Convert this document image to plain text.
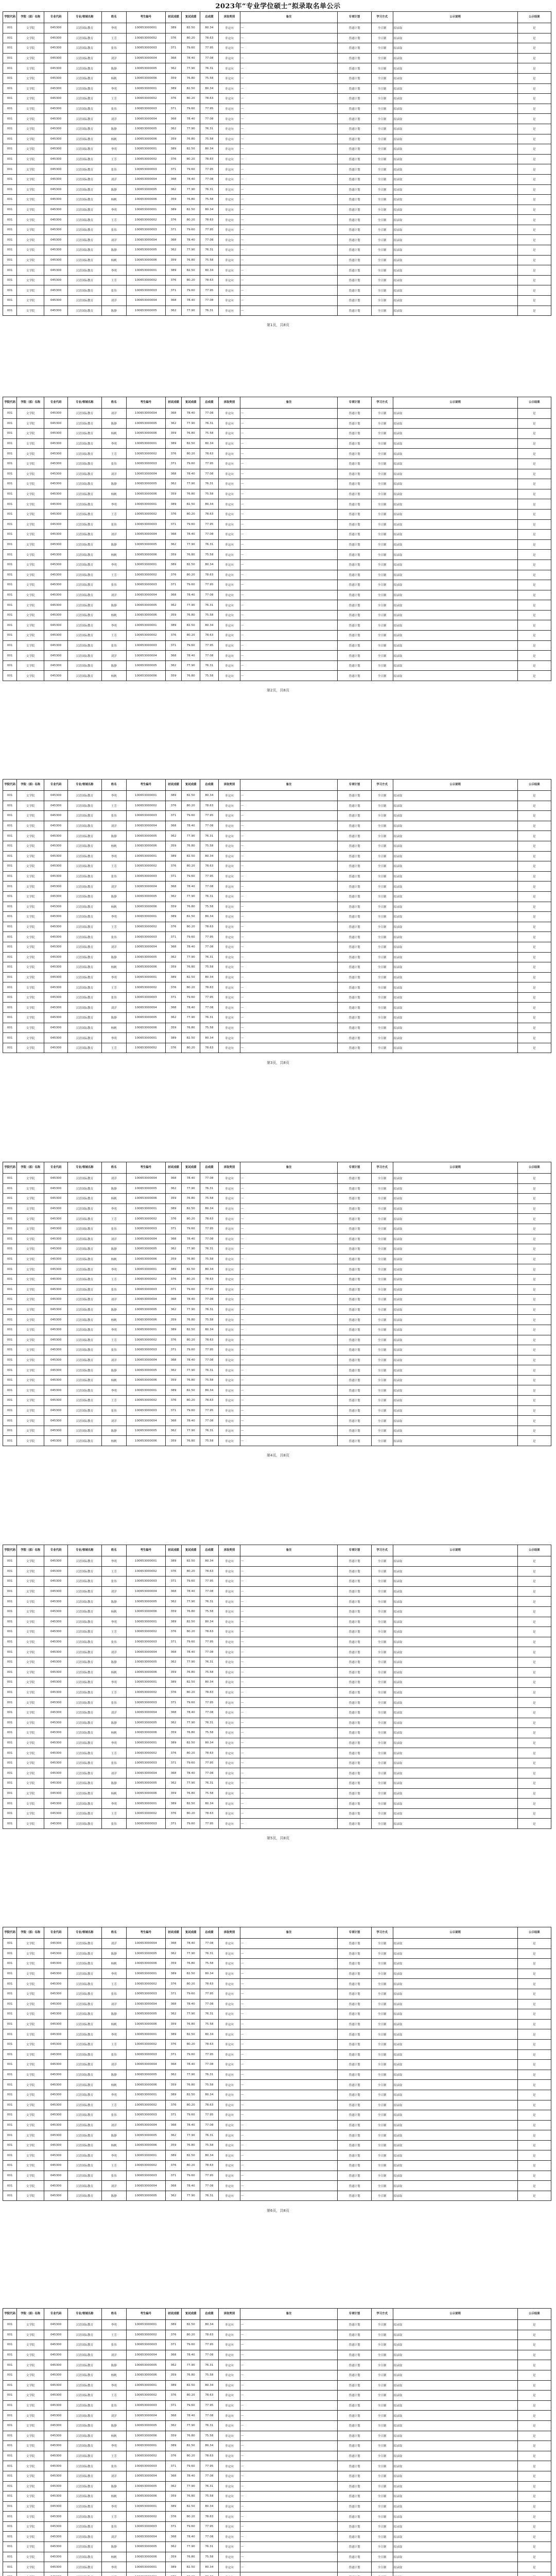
2023年“专业学位硕士”拟录取名单公示
学院代码	学院（部）名称	专业代码	专业/领域名称	姓名	考生编号	初试成绩	复试成绩	总成绩	录取类别	备注	专项计划	学习方式	公示说明	公示结果
001	文学院	045300	汉语国际教育	李明	100653000001	389	82.50	80.34	非定向	—	普通计划	全日制	拟录取	是
001	文学院	045300	汉语国际教育	王芳	100653000002	376	80.20	78.63	非定向	—	普通计划	全日制	拟录取	是
001	文学院	045300	汉语国际教育	张伟	100653000003	371	79.60	77.95	非定向	—	普通计划	全日制	拟录取	是
001	文学院	045300	汉语国际教育	刘洋	100653000004	368	78.40	77.08	非定向	—	普通计划	全日制	拟录取	是
001	文学院	045300	汉语国际教育	陈静	100653000005	362	77.90	76.31	非定向	—	普通计划	全日制	拟录取	是
001	文学院	045300	汉语国际教育	杨帆	100653000006	359	76.80	75.58	非定向	—	普通计划	全日制	拟录取	是
001	文学院	045300	汉语国际教育	李明	100653000001	389	82.50	80.34	非定向	—	普通计划	全日制	拟录取	是
001	文学院	045300	汉语国际教育	王芳	100653000002	376	80.20	78.63	非定向	—	普通计划	全日制	拟录取	是
001	文学院	045300	汉语国际教育	张伟	100653000003	371	79.60	77.95	非定向	—	普通计划	全日制	拟录取	是
001	文学院	045300	汉语国际教育	刘洋	100653000004	368	78.40	77.08	非定向	—	普通计划	全日制	拟录取	是
001	文学院	045300	汉语国际教育	陈静	100653000005	362	77.90	76.31	非定向	—	普通计划	全日制	拟录取	是
001	文学院	045300	汉语国际教育	杨帆	100653000006	359	76.80	75.58	非定向	—	普通计划	全日制	拟录取	是
001	文学院	045300	汉语国际教育	李明	100653000001	389	82.50	80.34	非定向	—	普通计划	全日制	拟录取	是
001	文学院	045300	汉语国际教育	王芳	100653000002	376	80.20	78.63	非定向	—	普通计划	全日制	拟录取	是
001	文学院	045300	汉语国际教育	张伟	100653000003	371	79.60	77.95	非定向	—	普通计划	全日制	拟录取	是
001	文学院	045300	汉语国际教育	刘洋	100653000004	368	78.40	77.08	非定向	—	普通计划	全日制	拟录取	是
001	文学院	045300	汉语国际教育	陈静	100653000005	362	77.90	76.31	非定向	—	普通计划	全日制	拟录取	是
001	文学院	045300	汉语国际教育	杨帆	100653000006	359	76.80	75.58	非定向	—	普通计划	全日制	拟录取	是
001	文学院	045300	汉语国际教育	李明	100653000001	389	82.50	80.34	非定向	—	普通计划	全日制	拟录取	是
001	文学院	045300	汉语国际教育	王芳	100653000002	376	80.20	78.63	非定向	—	普通计划	全日制	拟录取	是
001	文学院	045300	汉语国际教育	张伟	100653000003	371	79.60	77.95	非定向	—	普通计划	全日制	拟录取	是
001	文学院	045300	汉语国际教育	刘洋	100653000004	368	78.40	77.08	非定向	—	普通计划	全日制	拟录取	是
001	文学院	045300	汉语国际教育	陈静	100653000005	362	77.90	76.31	非定向	—	普通计划	全日制	拟录取	是
001	文学院	045300	汉语国际教育	杨帆	100653000006	359	76.80	75.58	非定向	—	普通计划	全日制	拟录取	是
001	文学院	045300	汉语国际教育	李明	100653000001	389	82.50	80.34	非定向	—	普通计划	全日制	拟录取	是
001	文学院	045300	汉语国际教育	王芳	100653000002	376	80.20	78.63	非定向	—	普通计划	全日制	拟录取	是
001	文学院	045300	汉语国际教育	张伟	100653000003	371	79.60	77.95	非定向	—	普通计划	全日制	拟录取	是
001	文学院	045300	汉语国际教育	刘洋	100653000004	368	78.40	77.08	非定向	—	普通计划	全日制	拟录取	是
001	文学院	045300	汉语国际教育	陈静	100653000005	362	77.90	76.31	非定向	—	普通计划	全日制	拟录取	是
第1页，共8页
学院代码	学院（部）名称	专业代码	专业/领域名称	姓名	考生编号	初试成绩	复试成绩	总成绩	录取类别	备注	专项计划	学习方式	公示说明	公示结果
001	文学院	045300	汉语国际教育	刘洋	100653000004	368	78.40	77.08	非定向	—	普通计划	全日制	拟录取	是
001	文学院	045300	汉语国际教育	陈静	100653000005	362	77.90	76.31	非定向	—	普通计划	全日制	拟录取	是
001	文学院	045300	汉语国际教育	杨帆	100653000006	359	76.80	75.58	非定向	—	普通计划	全日制	拟录取	是
001	文学院	045300	汉语国际教育	李明	100653000001	389	82.50	80.34	非定向	—	普通计划	全日制	拟录取	是
001	文学院	045300	汉语国际教育	王芳	100653000002	376	80.20	78.63	非定向	—	普通计划	全日制	拟录取	是
001	文学院	045300	汉语国际教育	张伟	100653000003	371	79.60	77.95	非定向	—	普通计划	全日制	拟录取	是
001	文学院	045300	汉语国际教育	刘洋	100653000004	368	78.40	77.08	非定向	—	普通计划	全日制	拟录取	是
001	文学院	045300	汉语国际教育	陈静	100653000005	362	77.90	76.31	非定向	—	普通计划	全日制	拟录取	是
001	文学院	045300	汉语国际教育	杨帆	100653000006	359	76.80	75.58	非定向	—	普通计划	全日制	拟录取	是
001	文学院	045300	汉语国际教育	李明	100653000001	389	82.50	80.34	非定向	—	普通计划	全日制	拟录取	是
001	文学院	045300	汉语国际教育	王芳	100653000002	376	80.20	78.63	非定向	—	普通计划	全日制	拟录取	是
001	文学院	045300	汉语国际教育	张伟	100653000003	371	79.60	77.95	非定向	—	普通计划	全日制	拟录取	是
001	文学院	045300	汉语国际教育	刘洋	100653000004	368	78.40	77.08	非定向	—	普通计划	全日制	拟录取	是
001	文学院	045300	汉语国际教育	陈静	100653000005	362	77.90	76.31	非定向	—	普通计划	全日制	拟录取	是
001	文学院	045300	汉语国际教育	杨帆	100653000006	359	76.80	75.58	非定向	—	普通计划	全日制	拟录取	是
001	文学院	045300	汉语国际教育	李明	100653000001	389	82.50	80.34	非定向	—	普通计划	全日制	拟录取	是
001	文学院	045300	汉语国际教育	王芳	100653000002	376	80.20	78.63	非定向	—	普通计划	全日制	拟录取	是
001	文学院	045300	汉语国际教育	张伟	100653000003	371	79.60	77.95	非定向	—	普通计划	全日制	拟录取	是
001	文学院	045300	汉语国际教育	刘洋	100653000004	368	78.40	77.08	非定向	—	普通计划	全日制	拟录取	是
001	文学院	045300	汉语国际教育	陈静	100653000005	362	77.90	76.31	非定向	—	普通计划	全日制	拟录取	是
001	文学院	045300	汉语国际教育	杨帆	100653000006	359	76.80	75.58	非定向	—	普通计划	全日制	拟录取	是
001	文学院	045300	汉语国际教育	李明	100653000001	389	82.50	80.34	非定向	—	普通计划	全日制	拟录取	是
001	文学院	045300	汉语国际教育	王芳	100653000002	376	80.20	78.63	非定向	—	普通计划	全日制	拟录取	是
001	文学院	045300	汉语国际教育	张伟	100653000003	371	79.60	77.95	非定向	—	普通计划	全日制	拟录取	是
001	文学院	045300	汉语国际教育	刘洋	100653000004	368	78.40	77.08	非定向	—	普通计划	全日制	拟录取	是
001	文学院	045300	汉语国际教育	陈静	100653000005	362	77.90	76.31	非定向	—	普通计划	全日制	拟录取	是
001	文学院	045300	汉语国际教育	杨帆	100653000006	359	76.80	75.58	非定向	—	普通计划	全日制	拟录取	是
第2页，共8页
学院代码	学院（部）名称	专业代码	专业/领域名称	姓名	考生编号	初试成绩	复试成绩	总成绩	录取类别	备注	专项计划	学习方式	公示说明	公示结果
001	文学院	045300	汉语国际教育	李明	100653000001	389	82.50	80.34	非定向	—	普通计划	全日制	拟录取	是
001	文学院	045300	汉语国际教育	王芳	100653000002	376	80.20	78.63	非定向	—	普通计划	全日制	拟录取	是
001	文学院	045300	汉语国际教育	张伟	100653000003	371	79.60	77.95	非定向	—	普通计划	全日制	拟录取	是
001	文学院	045300	汉语国际教育	刘洋	100653000004	368	78.40	77.08	非定向	—	普通计划	全日制	拟录取	是
001	文学院	045300	汉语国际教育	陈静	100653000005	362	77.90	76.31	非定向	—	普通计划	全日制	拟录取	是
001	文学院	045300	汉语国际教育	杨帆	100653000006	359	76.80	75.58	非定向	—	普通计划	全日制	拟录取	是
001	文学院	045300	汉语国际教育	李明	100653000001	389	82.50	80.34	非定向	—	普通计划	全日制	拟录取	是
001	文学院	045300	汉语国际教育	王芳	100653000002	376	80.20	78.63	非定向	—	普通计划	全日制	拟录取	是
001	文学院	045300	汉语国际教育	张伟	100653000003	371	79.60	77.95	非定向	—	普通计划	全日制	拟录取	是
001	文学院	045300	汉语国际教育	刘洋	100653000004	368	78.40	77.08	非定向	—	普通计划	全日制	拟录取	是
001	文学院	045300	汉语国际教育	陈静	100653000005	362	77.90	76.31	非定向	—	普通计划	全日制	拟录取	是
001	文学院	045300	汉语国际教育	杨帆	100653000006	359	76.80	75.58	非定向	—	普通计划	全日制	拟录取	是
001	文学院	045300	汉语国际教育	李明	100653000001	389	82.50	80.34	非定向	—	普通计划	全日制	拟录取	是
001	文学院	045300	汉语国际教育	王芳	100653000002	376	80.20	78.63	非定向	—	普通计划	全日制	拟录取	是
001	文学院	045300	汉语国际教育	张伟	100653000003	371	79.60	77.95	非定向	—	普通计划	全日制	拟录取	是
001	文学院	045300	汉语国际教育	刘洋	100653000004	368	78.40	77.08	非定向	—	普通计划	全日制	拟录取	是
001	文学院	045300	汉语国际教育	陈静	100653000005	362	77.90	76.31	非定向	—	普通计划	全日制	拟录取	是
001	文学院	045300	汉语国际教育	杨帆	100653000006	359	76.80	75.58	非定向	—	普通计划	全日制	拟录取	是
001	文学院	045300	汉语国际教育	李明	100653000001	389	82.50	80.34	非定向	—	普通计划	全日制	拟录取	是
001	文学院	045300	汉语国际教育	王芳	100653000002	376	80.20	78.63	非定向	—	普通计划	全日制	拟录取	是
001	文学院	045300	汉语国际教育	张伟	100653000003	371	79.60	77.95	非定向	—	普通计划	全日制	拟录取	是
001	文学院	045300	汉语国际教育	刘洋	100653000004	368	78.40	77.08	非定向	—	普通计划	全日制	拟录取	是
001	文学院	045300	汉语国际教育	陈静	100653000005	362	77.90	76.31	非定向	—	普通计划	全日制	拟录取	是
001	文学院	045300	汉语国际教育	杨帆	100653000006	359	76.80	75.58	非定向	—	普通计划	全日制	拟录取	是
001	文学院	045300	汉语国际教育	李明	100653000001	389	82.50	80.34	非定向	—	普通计划	全日制	拟录取	是
001	文学院	045300	汉语国际教育	王芳	100653000002	376	80.20	78.63	非定向	—	普通计划	全日制	拟录取	是
第3页，共8页
学院代码	学院（部）名称	专业代码	专业/领域名称	姓名	考生编号	初试成绩	复试成绩	总成绩	录取类别	备注	专项计划	学习方式	公示说明	公示结果
001	文学院	045300	汉语国际教育	刘洋	100653000004	368	78.40	77.08	非定向	—	普通计划	全日制	拟录取	是
001	文学院	045300	汉语国际教育	陈静	100653000005	362	77.90	76.31	非定向	—	普通计划	全日制	拟录取	是
001	文学院	045300	汉语国际教育	杨帆	100653000006	359	76.80	75.58	非定向	—	普通计划	全日制	拟录取	是
001	文学院	045300	汉语国际教育	李明	100653000001	389	82.50	80.34	非定向	—	普通计划	全日制	拟录取	是
001	文学院	045300	汉语国际教育	王芳	100653000002	376	80.20	78.63	非定向	—	普通计划	全日制	拟录取	是
001	文学院	045300	汉语国际教育	张伟	100653000003	371	79.60	77.95	非定向	—	普通计划	全日制	拟录取	是
001	文学院	045300	汉语国际教育	刘洋	100653000004	368	78.40	77.08	非定向	—	普通计划	全日制	拟录取	是
001	文学院	045300	汉语国际教育	陈静	100653000005	362	77.90	76.31	非定向	—	普通计划	全日制	拟录取	是
001	文学院	045300	汉语国际教育	杨帆	100653000006	359	76.80	75.58	非定向	—	普通计划	全日制	拟录取	是
001	文学院	045300	汉语国际教育	李明	100653000001	389	82.50	80.34	非定向	—	普通计划	全日制	拟录取	是
001	文学院	045300	汉语国际教育	王芳	100653000002	376	80.20	78.63	非定向	—	普通计划	全日制	拟录取	是
001	文学院	045300	汉语国际教育	张伟	100653000003	371	79.60	77.95	非定向	—	普通计划	全日制	拟录取	是
001	文学院	045300	汉语国际教育	刘洋	100653000004	368	78.40	77.08	非定向	—	普通计划	全日制	拟录取	是
001	文学院	045300	汉语国际教育	陈静	100653000005	362	77.90	76.31	非定向	—	普通计划	全日制	拟录取	是
001	文学院	045300	汉语国际教育	杨帆	100653000006	359	76.80	75.58	非定向	—	普通计划	全日制	拟录取	是
001	文学院	045300	汉语国际教育	李明	100653000001	389	82.50	80.34	非定向	—	普通计划	全日制	拟录取	是
001	文学院	045300	汉语国际教育	王芳	100653000002	376	80.20	78.63	非定向	—	普通计划	全日制	拟录取	是
001	文学院	045300	汉语国际教育	张伟	100653000003	371	79.60	77.95	非定向	—	普通计划	全日制	拟录取	是
001	文学院	045300	汉语国际教育	刘洋	100653000004	368	78.40	77.08	非定向	—	普通计划	全日制	拟录取	是
001	文学院	045300	汉语国际教育	陈静	100653000005	362	77.90	76.31	非定向	—	普通计划	全日制	拟录取	是
001	文学院	045300	汉语国际教育	杨帆	100653000006	359	76.80	75.58	非定向	—	普通计划	全日制	拟录取	是
001	文学院	045300	汉语国际教育	李明	100653000001	389	82.50	80.34	非定向	—	普通计划	全日制	拟录取	是
001	文学院	045300	汉语国际教育	王芳	100653000002	376	80.20	78.63	非定向	—	普通计划	全日制	拟录取	是
001	文学院	045300	汉语国际教育	张伟	100653000003	371	79.60	77.95	非定向	—	普通计划	全日制	拟录取	是
001	文学院	045300	汉语国际教育	刘洋	100653000004	368	78.40	77.08	非定向	—	普通计划	全日制	拟录取	是
001	文学院	045300	汉语国际教育	陈静	100653000005	362	77.90	76.31	非定向	—	普通计划	全日制	拟录取	是
001	文学院	045300	汉语国际教育	杨帆	100653000006	359	76.80	75.58	非定向	—	普通计划	全日制	拟录取	是
第4页，共8页
学院代码	学院（部）名称	专业代码	专业/领域名称	姓名	考生编号	初试成绩	复试成绩	总成绩	录取类别	备注	专项计划	学习方式	公示说明	公示结果
001	文学院	045300	汉语国际教育	李明	100653000001	389	82.50	80.34	非定向	—	普通计划	全日制	拟录取	是
001	文学院	045300	汉语国际教育	王芳	100653000002	376	80.20	78.63	非定向	—	普通计划	全日制	拟录取	是
001	文学院	045300	汉语国际教育	张伟	100653000003	371	79.60	77.95	非定向	—	普通计划	全日制	拟录取	是
001	文学院	045300	汉语国际教育	刘洋	100653000004	368	78.40	77.08	非定向	—	普通计划	全日制	拟录取	是
001	文学院	045300	汉语国际教育	陈静	100653000005	362	77.90	76.31	非定向	—	普通计划	全日制	拟录取	是
001	文学院	045300	汉语国际教育	杨帆	100653000006	359	76.80	75.58	非定向	—	普通计划	全日制	拟录取	是
001	文学院	045300	汉语国际教育	李明	100653000001	389	82.50	80.34	非定向	—	普通计划	全日制	拟录取	是
001	文学院	045300	汉语国际教育	王芳	100653000002	376	80.20	78.63	非定向	—	普通计划	全日制	拟录取	是
001	文学院	045300	汉语国际教育	张伟	100653000003	371	79.60	77.95	非定向	—	普通计划	全日制	拟录取	是
001	文学院	045300	汉语国际教育	刘洋	100653000004	368	78.40	77.08	非定向	—	普通计划	全日制	拟录取	是
001	文学院	045300	汉语国际教育	陈静	100653000005	362	77.90	76.31	非定向	—	普通计划	全日制	拟录取	是
001	文学院	045300	汉语国际教育	杨帆	100653000006	359	76.80	75.58	非定向	—	普通计划	全日制	拟录取	是
001	文学院	045300	汉语国际教育	李明	100653000001	389	82.50	80.34	非定向	—	普通计划	全日制	拟录取	是
001	文学院	045300	汉语国际教育	王芳	100653000002	376	80.20	78.63	非定向	—	普通计划	全日制	拟录取	是
001	文学院	045300	汉语国际教育	张伟	100653000003	371	79.60	77.95	非定向	—	普通计划	全日制	拟录取	是
001	文学院	045300	汉语国际教育	刘洋	100653000004	368	78.40	77.08	非定向	—	普通计划	全日制	拟录取	是
001	文学院	045300	汉语国际教育	陈静	100653000005	362	77.90	76.31	非定向	—	普通计划	全日制	拟录取	是
001	文学院	045300	汉语国际教育	杨帆	100653000006	359	76.80	75.58	非定向	—	普通计划	全日制	拟录取	是
001	文学院	045300	汉语国际教育	李明	100653000001	389	82.50	80.34	非定向	—	普通计划	全日制	拟录取	是
001	文学院	045300	汉语国际教育	王芳	100653000002	376	80.20	78.63	非定向	—	普通计划	全日制	拟录取	是
001	文学院	045300	汉语国际教育	张伟	100653000003	371	79.60	77.95	非定向	—	普通计划	全日制	拟录取	是
001	文学院	045300	汉语国际教育	刘洋	100653000004	368	78.40	77.08	非定向	—	普通计划	全日制	拟录取	是
001	文学院	045300	汉语国际教育	陈静	100653000005	362	77.90	76.31	非定向	—	普通计划	全日制	拟录取	是
001	文学院	045300	汉语国际教育	杨帆	100653000006	359	76.80	75.58	非定向	—	普通计划	全日制	拟录取	是
001	文学院	045300	汉语国际教育	李明	100653000001	389	82.50	80.34	非定向	—	普通计划	全日制	拟录取	是
001	文学院	045300	汉语国际教育	王芳	100653000002	376	80.20	78.63	非定向	—	普通计划	全日制	拟录取	是
001	文学院	045300	汉语国际教育	张伟	100653000003	371	79.60	77.95	非定向	—	普通计划	全日制	拟录取	是
第5页，共8页
学院代码	学院（部）名称	专业代码	专业/领域名称	姓名	考生编号	初试成绩	复试成绩	总成绩	录取类别	备注	专项计划	学习方式	公示说明	公示结果
001	文学院	045300	汉语国际教育	刘洋	100653000004	368	78.40	77.08	非定向	—	普通计划	全日制	拟录取	是
001	文学院	045300	汉语国际教育	陈静	100653000005	362	77.90	76.31	非定向	—	普通计划	全日制	拟录取	是
001	文学院	045300	汉语国际教育	杨帆	100653000006	359	76.80	75.58	非定向	—	普通计划	全日制	拟录取	是
001	文学院	045300	汉语国际教育	李明	100653000001	389	82.50	80.34	非定向	—	普通计划	全日制	拟录取	是
001	文学院	045300	汉语国际教育	王芳	100653000002	376	80.20	78.63	非定向	—	普通计划	全日制	拟录取	是
001	文学院	045300	汉语国际教育	张伟	100653000003	371	79.60	77.95	非定向	—	普通计划	全日制	拟录取	是
001	文学院	045300	汉语国际教育	刘洋	100653000004	368	78.40	77.08	非定向	—	普通计划	全日制	拟录取	是
001	文学院	045300	汉语国际教育	陈静	100653000005	362	77.90	76.31	非定向	—	普通计划	全日制	拟录取	是
001	文学院	045300	汉语国际教育	杨帆	100653000006	359	76.80	75.58	非定向	—	普通计划	全日制	拟录取	是
001	文学院	045300	汉语国际教育	李明	100653000001	389	82.50	80.34	非定向	—	普通计划	全日制	拟录取	是
001	文学院	045300	汉语国际教育	王芳	100653000002	376	80.20	78.63	非定向	—	普通计划	全日制	拟录取	是
001	文学院	045300	汉语国际教育	张伟	100653000003	371	79.60	77.95	非定向	—	普通计划	全日制	拟录取	是
001	文学院	045300	汉语国际教育	刘洋	100653000004	368	78.40	77.08	非定向	—	普通计划	全日制	拟录取	是
001	文学院	045300	汉语国际教育	陈静	100653000005	362	77.90	76.31	非定向	—	普通计划	全日制	拟录取	是
001	文学院	045300	汉语国际教育	杨帆	100653000006	359	76.80	75.58	非定向	—	普通计划	全日制	拟录取	是
001	文学院	045300	汉语国际教育	李明	100653000001	389	82.50	80.34	非定向	—	普通计划	全日制	拟录取	是
001	文学院	045300	汉语国际教育	王芳	100653000002	376	80.20	78.63	非定向	—	普通计划	全日制	拟录取	是
001	文学院	045300	汉语国际教育	张伟	100653000003	371	79.60	77.95	非定向	—	普通计划	全日制	拟录取	是
001	文学院	045300	汉语国际教育	刘洋	100653000004	368	78.40	77.08	非定向	—	普通计划	全日制	拟录取	是
001	文学院	045300	汉语国际教育	陈静	100653000005	362	77.90	76.31	非定向	—	普通计划	全日制	拟录取	是
001	文学院	045300	汉语国际教育	杨帆	100653000006	359	76.80	75.58	非定向	—	普通计划	全日制	拟录取	是
001	文学院	045300	汉语国际教育	李明	100653000001	389	82.50	80.34	非定向	—	普通计划	全日制	拟录取	是
001	文学院	045300	汉语国际教育	王芳	100653000002	376	80.20	78.63	非定向	—	普通计划	全日制	拟录取	是
001	文学院	045300	汉语国际教育	张伟	100653000003	371	79.60	77.95	非定向	—	普通计划	全日制	拟录取	是
001	文学院	045300	汉语国际教育	刘洋	100653000004	368	78.40	77.08	非定向	—	普通计划	全日制	拟录取	是
001	文学院	045300	汉语国际教育	陈静	100653000005	362	77.90	76.31	非定向	—	普通计划	全日制	拟录取	是
第6页，共8页
学院代码	学院（部）名称	专业代码	专业/领域名称	姓名	考生编号	初试成绩	复试成绩	总成绩	录取类别	备注	专项计划	学习方式	公示说明	公示结果
001	文学院	045300	汉语国际教育	李明	100653000001	389	82.50	80.34	非定向	—	普通计划	全日制	拟录取	是
001	文学院	045300	汉语国际教育	王芳	100653000002	376	80.20	78.63	非定向	—	普通计划	全日制	拟录取	是
001	文学院	045300	汉语国际教育	张伟	100653000003	371	79.60	77.95	非定向	—	普通计划	全日制	拟录取	是
001	文学院	045300	汉语国际教育	刘洋	100653000004	368	78.40	77.08	非定向	—	普通计划	全日制	拟录取	是
001	文学院	045300	汉语国际教育	陈静	100653000005	362	77.90	76.31	非定向	—	普通计划	全日制	拟录取	是
001	文学院	045300	汉语国际教育	杨帆	100653000006	359	76.80	75.58	非定向	—	普通计划	全日制	拟录取	是
001	文学院	045300	汉语国际教育	李明	100653000001	389	82.50	80.34	非定向	—	普通计划	全日制	拟录取	是
001	文学院	045300	汉语国际教育	王芳	100653000002	376	80.20	78.63	非定向	—	普通计划	全日制	拟录取	是
001	文学院	045300	汉语国际教育	张伟	100653000003	371	79.60	77.95	非定向	—	普通计划	全日制	拟录取	是
001	文学院	045300	汉语国际教育	刘洋	100653000004	368	78.40	77.08	非定向	—	普通计划	全日制	拟录取	是
001	文学院	045300	汉语国际教育	陈静	100653000005	362	77.90	76.31	非定向	—	普通计划	全日制	拟录取	是
001	文学院	045300	汉语国际教育	杨帆	100653000006	359	76.80	75.58	非定向	—	普通计划	全日制	拟录取	是
001	文学院	045300	汉语国际教育	李明	100653000001	389	82.50	80.34	非定向	—	普通计划	全日制	拟录取	是
001	文学院	045300	汉语国际教育	王芳	100653000002	376	80.20	78.63	非定向	—	普通计划	全日制	拟录取	是
001	文学院	045300	汉语国际教育	张伟	100653000003	371	79.60	77.95	非定向	—	普通计划	全日制	拟录取	是
001	文学院	045300	汉语国际教育	刘洋	100653000004	368	78.40	77.08	非定向	—	普通计划	全日制	拟录取	是
001	文学院	045300	汉语国际教育	陈静	100653000005	362	77.90	76.31	非定向	—	普通计划	全日制	拟录取	是
001	文学院	045300	汉语国际教育	杨帆	100653000006	359	76.80	75.58	非定向	—	普通计划	全日制	拟录取	是
001	文学院	045300	汉语国际教育	李明	100653000001	389	82.50	80.34	非定向	—	普通计划	全日制	拟录取	是
001	文学院	045300	汉语国际教育	王芳	100653000002	376	80.20	78.63	非定向	—	普通计划	全日制	拟录取	是
001	文学院	045300	汉语国际教育	张伟	100653000003	371	79.60	77.95	非定向	—	普通计划	全日制	拟录取	是
001	文学院	045300	汉语国际教育	刘洋	100653000004	368	78.40	77.08	非定向	—	普通计划	全日制	拟录取	是
001	文学院	045300	汉语国际教育	陈静	100653000005	362	77.90	76.31	非定向	—	普通计划	全日制	拟录取	是
001	文学院	045300	汉语国际教育	杨帆	100653000006	359	76.80	75.58	非定向	—	普通计划	全日制	拟录取	是
001	文学院	045300	汉语国际教育	李明	100653000001	389	82.50	80.34	非定向	—	普通计划	全日制	拟录取	是
